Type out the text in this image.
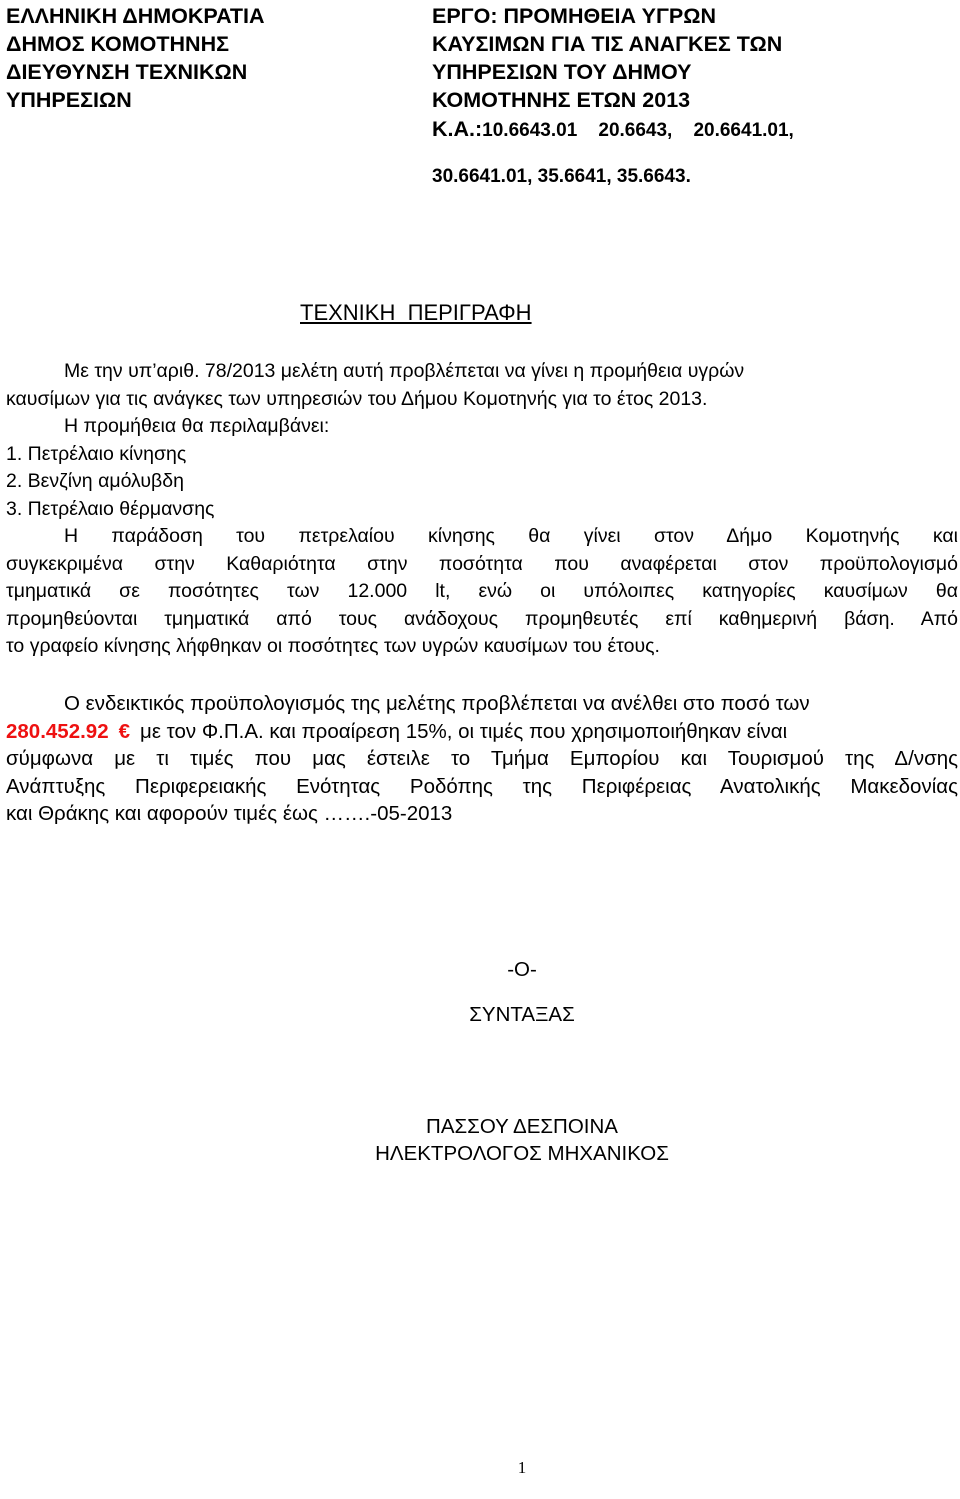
ΕΛΛΗΝΙΚΗ ΔΗΜΟΚΡΑΤΙΑ
ΔΗΜΟΣ ΚΟΜΟΤΗΝΗΣ
ΔΙΕΥΘΥΝΣΗ ΤΕΧΝΙΚΩΝ
ΥΠΗΡΕΣΙΩΝ
ΕΡΓΟ: ΠΡΟΜΗΘΕΙΑ ΥΓΡΩΝ
ΚΑΥΣΙΜΩΝ ΓΙΑ ΤΙΣ ΑΝΑΓΚΕΣ ΤΩΝ
ΥΠΗΡΕΣΙΩΝ ΤΟΥ ΔΗΜΟΥ
ΚΟΜΟΤΗΝΗΣ ΕΤΩΝ 2013
Κ.Α.:10.6643.01    20.6643,    20.6641.01,
30.6641.01, 35.6641, 35.6643.
ΤΕΧΝΙΚΗ  ΠΕΡΙΓΡΑΦΗ

Με την υπ’αριθ. 78/2013 μελέτη αυτή προβλέπεται να γίνει η προμήθεια υγρών

καυσίμων για τις ανάγκες των υπηρεσιών του Δήμου Κομοτηνής για το έτος 2013.

Η προμήθεια θα περιλαμβάνει:

1. Πετρέλαιο κίνησης

2. Βενζίνη αμόλυβδη

3. Πετρέλαιο θέρμανσης

Η παράδοση του πετρελαίου κίνησης θα γίνει στον Δήμο Κομοτηνής και

συγκεκριμένα στην Καθαριότητα στην ποσότητα που αναφέρεται στον προϋπολογισμό

τμηματικά σε ποσότητες των 12.000 lt, ενώ οι υπόλοιπες κατηγορίες καυσίμων θα

προμηθεύονται τμηματικά από τους ανάδοχους προμηθευτές επί καθημερινή βάση. Από

το γραφείο κίνησης λήφθηκαν οι ποσότητες των υγρών καυσίμων του έτους.

Ο ενδεικτικός προϋπολογισμός της μελέτης προβλέπεται να ανέλθει στο ποσό των

280.452.92 € με τον Φ.Π.Α. και προαίρεση 15%, οι τιμές που χρησιμοποιήθηκαν είναι

σύμφωνα με τι τιμές που μας έστειλε το Τμήμα Εμπορίου και Τουρισμού της Δ/νσης

Ανάπτυξης Περιφερειακής Ενότητας Ροδόπης της Περιφέρειας Ανατολικής Μακεδονίας

και Θράκης και αφορούν τιμές έως …….-05-2013

-Ο-
ΣΥΝΤΑΞΑΣ
ΠΑΣΣΟΥ ΔΕΣΠΟΙΝΑ
ΗΛΕΚΤΡΟΛΟΓΟΣ ΜΗΧΑΝΙΚΟΣ
1
